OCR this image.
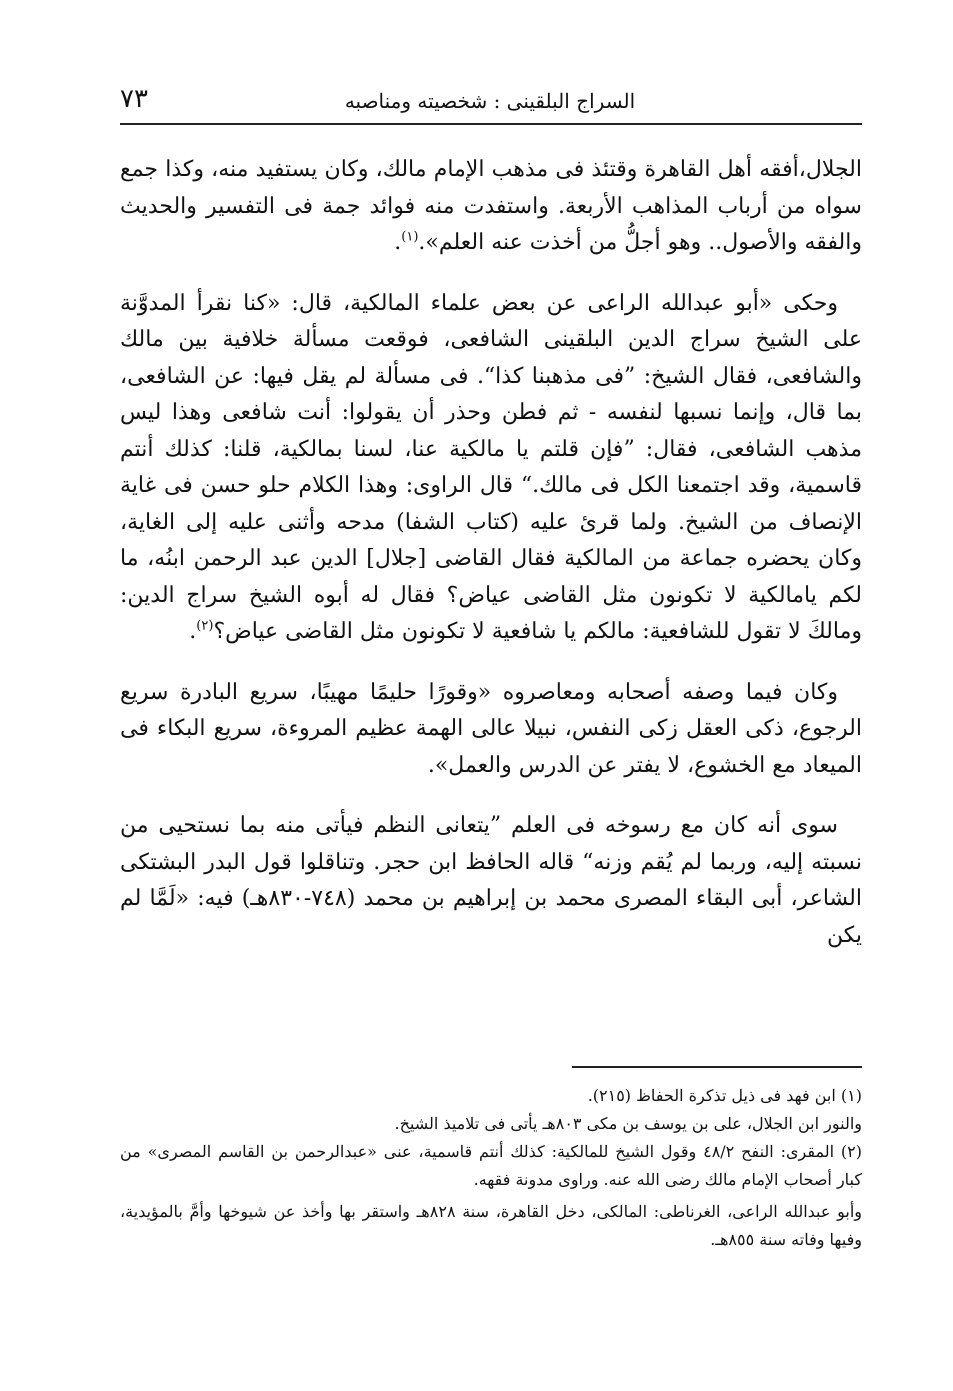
٧٣	السراج البلقينى : شخصيته ومناصبه

الجلال،أفقه أهل القاهرة وقتئذ فى مذهب الإمام مالك، وكان يستفيد منه، وكذا جمع سواه من أرباب المذاهب الأربعة. واستفدت منه فوائد جمة فى التفسير والحديث والفقه والأصول.. وهو أجلُّ من أخذت عنه العلم».$^{(١)}$.

وحكى «أبو عبدالله الراعى عن بعض علماء المالكية، قال: «كنا نقرأ المدوَّنة على الشيخ سراج الدين البلقينى الشافعى، فوقعت مسألة خلافية بين مالك والشافعى، فقال الشيخ: ”فى مذهبنا كذا“. فى مسألة لم يقل فيها: عن الشافعى، بما قال، وإنما نسبها لنفسه - ثم فطن وحذر أن يقولوا: أنت شافعى وهذا ليس مذهب الشافعى، فقال: ”فإن قلتم يا مالكية عنا، لسنا بمالكية، قلنا: كذلك أنتم قاسمية، وقد اجتمعنا الكل فى مالك.“ قال الراوى: وهذا الكلام حلو حسن فى غاية الإنصاف من الشيخ. ولما قرئ عليه (كتاب الشفا) مدحه وأثنى عليه إلى الغاية، وكان يحضره جماعة من المالكية فقال القاضى [جلال] الدين عبد الرحمن ابنُه، ما لكم يامالكية لا تكونون مثل القاضى عياض؟ فقال له أبوه الشيخ سراج الدين: ومالكَ لا تقول للشافعية: مالكم يا شافعية لا تكونون مثل القاضى عياض؟$^{(٢)}$.

وكان فيما وصفه أصحابه ومعاصروه «وقورًا حليمًا مهيبًا، سريع البادرة سريع الرجوع، ذكى العقل زكى النفس، نبيلا عالى الهمة عظيم المروءة، سريع البكاء فى الميعاد مع الخشوع، لا يفتر عن الدرس والعمل».

سوى أنه كان مع رسوخه فى العلم ”يتعانى النظم فيأتى منه بما نستحيى من نسبته إليه، وربما لم يُقم وزنه“ قاله الحافظ ابن حجر. وتناقلوا قول البدر البشتكى الشاعر، أبى البقاء المصرى محمد بن إبراهيم بن محمد (٧٤٨-٨٣٠هـ) فيه: «لَمَّا لم يكن

(١) ابن فهد فى ذيل تذكرة الحفاظ (٢١٥).

والنور ابن الجلال، على بن يوسف بن مكى ٨٠٣هـ يأتى فى تلاميذ الشيخ.

(٢) المقرى: النفح ٤٨/٢ وقول الشيخ للمالكية: كذلك أنتم قاسمية، عنى «عبدالرحمن بن القاسم المصرى» من كبار أصحاب الإمام مالك رضى الله عنه. وراوى مدونة فقهه.

وأبو عبدالله الراعى، الغرناطى: المالكى، دخل القاهرة، سنة ٨٢٨هـ واستقر بها وأخذ عن شيوخها وأمَّ بالمؤيدية، وفيها وفاته سنة ٨٥٥هـ.
